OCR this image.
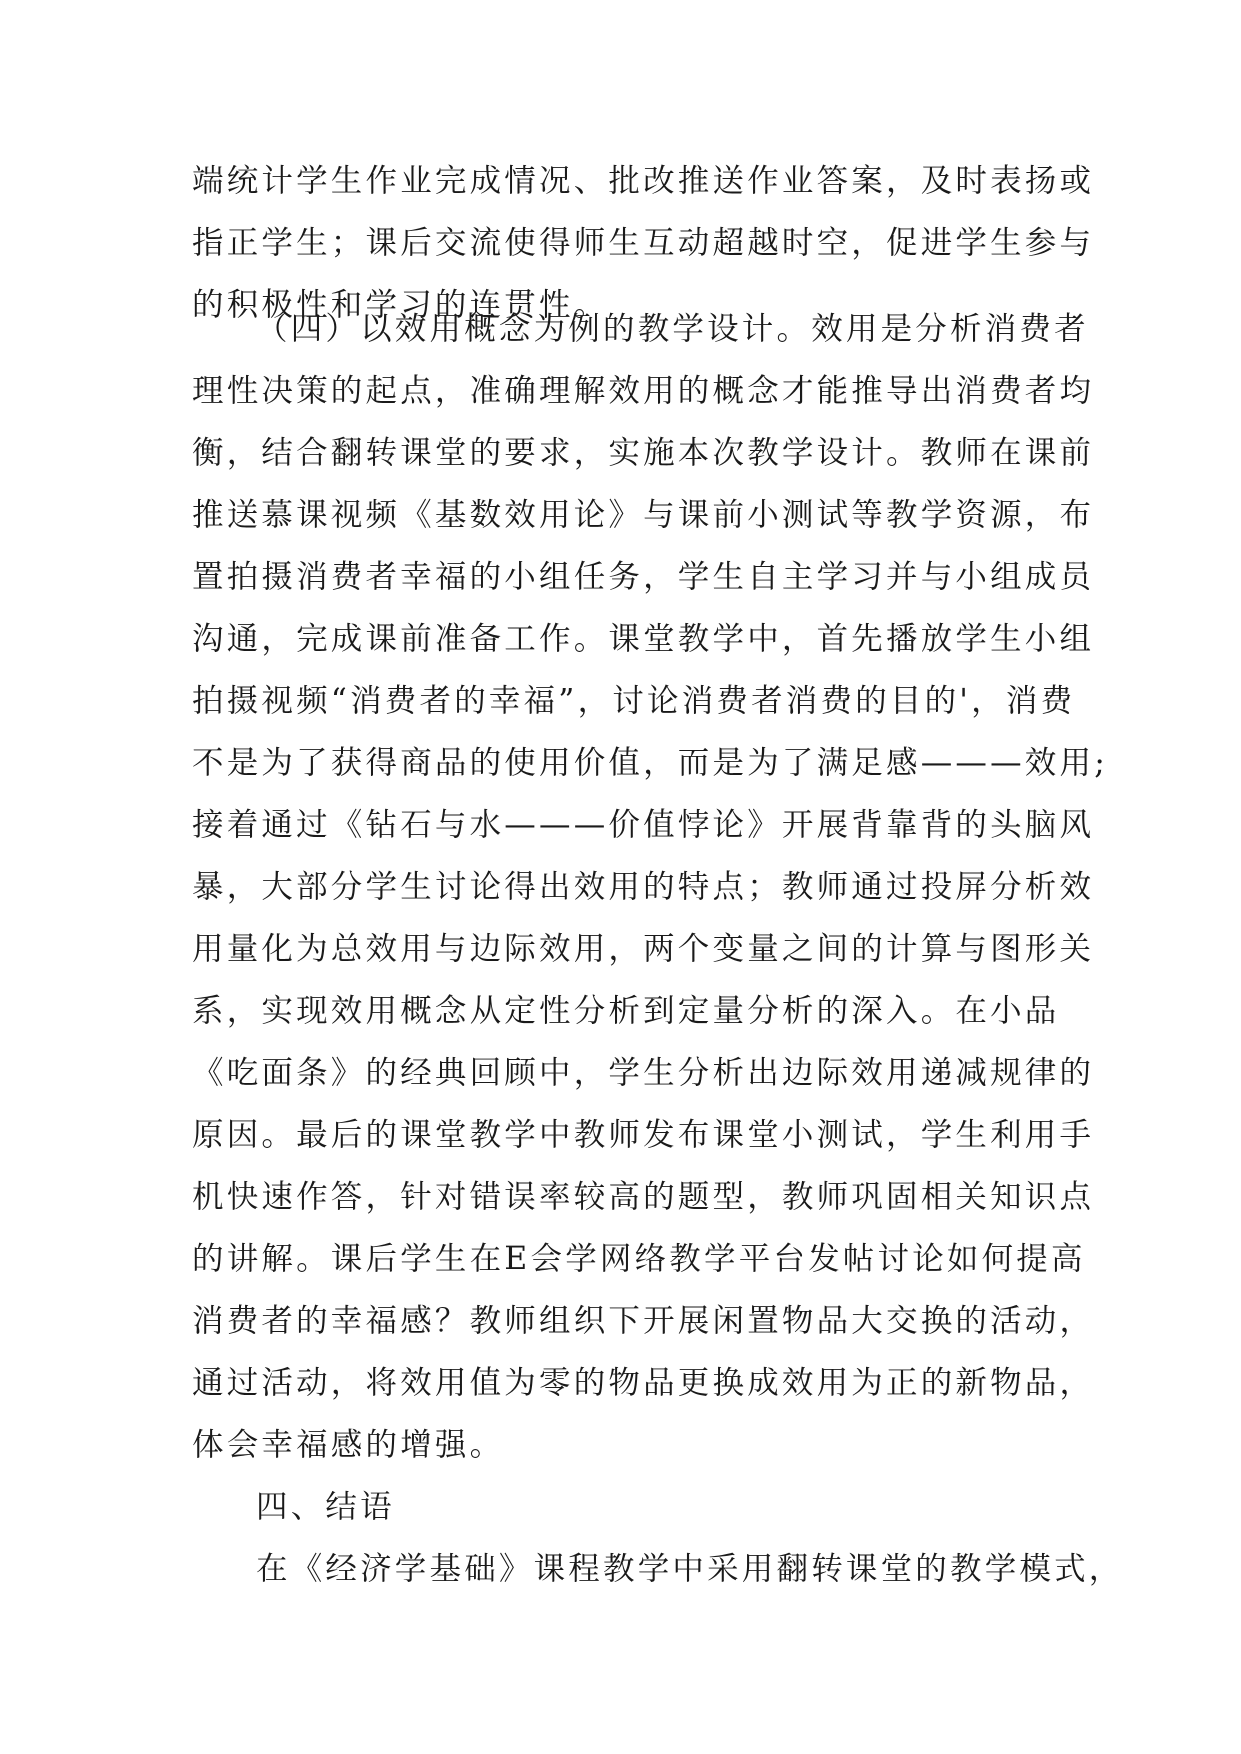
端统计学生作业完成情况、批改推送作业答案，及时表扬或
指正学生；课后交流使得师生互动超越时空，促进学生参与
的积极性和学习的连贯性。
（四）以效用概念为例的教学设计。效用是分析消费者
理性决策的起点，准确理解效用的概念才能推导出消费者均
衡，结合翻转课堂的要求，实施本次教学设计。教师在课前
推送慕课视频《基数效用论》与课前小测试等教学资源，布
置拍摄消费者幸福的小组任务，学生自主学习并与小组成员
沟通，完成课前准备工作。课堂教学中，首先播放学生小组
拍摄视频“消费者的幸福”，讨论消费者消费的目的'，消费
不是为了获得商品的使用价值，而是为了满足感———效用;
接着通过《钻石与水———价值悖论》开展背靠背的头脑风
暴，大部分学生讨论得出效用的特点；教师通过投屏分析效
用量化为总效用与边际效用，两个变量之间的计算与图形关
系，实现效用概念从定性分析到定量分析的深入。在小品
《吃面条》的经典回顾中，学生分析出边际效用递减规律的
原因。最后的课堂教学中教师发布课堂小测试，学生利用手
机快速作答，针对错误率较高的题型，教师巩固相关知识点
的讲解。课后学生在E会学网络教学平台发帖讨论如何提高
消费者的幸福感？教师组织下开展闲置物品大交换的活动，
通过活动，将效用值为零的物品更换成效用为正的新物品，
体会幸福感的增强。
四、结语
在《经济学基础》课程教学中采用翻转课堂的教学模式，
